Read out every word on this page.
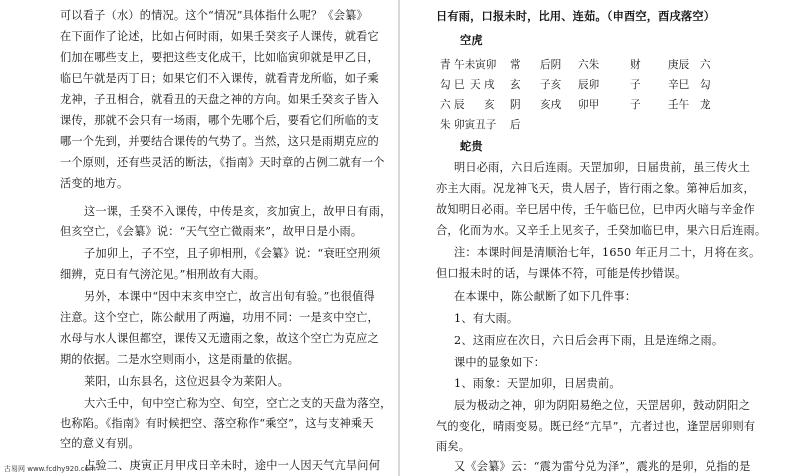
可以看子（水）的情况。这个“情况”具体指什么呢？《会纂》
在下面作了论述，比如占何时雨，如果壬癸亥子人课传，就看它
们加在哪些支上，要把这些支化成干，比如临寅卯就是甲乙日，
临巳午就是丙丁日；如果它们不入课传，就看青龙所临，如子乘
龙神，子丑相合，就看丑的天盘之神的方向。如果壬癸亥子皆入
课传，那就不会只有一场雨，哪个先哪个后，要看它们所临的支
哪一个先到，并要结合课传的气势了。当然，这只是雨期克应的
一个原则，还有些灵活的断法，《指南》天时章的占例二就有一个
活变的地方。
这一课，壬癸不入课传，中传是亥，亥加寅上，故甲日有雨，
但亥空亡，《会纂》说：“天气空亡微雨来”，故甲日是小雨。
子加卯上，子不空，且子卯相刑，《会纂》说：“衰旺空刑须
细辨，克日有气滂沱见。”相刑故有大雨。
另外，本课中“因中末亥申空亡，故言出旬有验。”也很值得
注意。这个空亡，陈公献用了两遍，功用不同：一是亥中空亡，
水母与水人课但都空，课传又无遗雨之象，故这个空亡为克应之
期的依据。二是水空则雨小，这是雨量的依据。
莱阳，山东县名，这位迟县令为莱阳人。
大六壬中，旬中空亡称为空、旬空，空亡之支的天盘为落空，
也称陷。《指南》有时候把空、落空称作“乘空”，这与支神乘天
空的意义有别。
占验二、庚寅正月甲戌日辛未时，途中一人因天气亢旱问何
日有雨，口报未时，比用、连茹。（申酉空，酉戌落空）
空虎
青 午未寅卯 常 后阴 六朱	财	庚辰 六
勾 巳 天 戌 玄 子亥 辰卯	子	辛巳 勾
六 辰 亥 阴 亥戌 卯甲	子	壬午 龙
朱 卯寅丑子 后
蛇贵
明日必雨，六日后连雨。天罡加卯，日届贵前，虽三传火土
亦主大雨。况龙神飞天，贵人居子，皆行雨之象。第神后加亥，
故知明日必雨。辛巳居中传，壬午临巳位，巳申丙火暗与辛金作
合，化而为水。又辛壬上见亥子，壬癸加临巳申，果六日后连雨。
注：本课时间是清顺治七年，1650 年正月二十，月将在亥。
但口报未时的话，与课体不符，可能是传抄错误。
在本课中，陈公献断了如下几件事：
1、有大雨。
2、这雨应在次日，六日后会再下雨，且是连绵之雨。
课中的显象如下：
1、雨象：天罡加卯，日居贵前。
辰为极动之神，卯为阴阳易绝之位，天罡居卯，鼓动阴阳之
气的变化，晴雨变易。既已经“亢旱”，亢者过也，逢罡居卯则有
雨矣。
又《会纂》云：“震为雷兮兑为泽”，震兆的是卯，兑指的是
古易网 www.fcdhy920.com
